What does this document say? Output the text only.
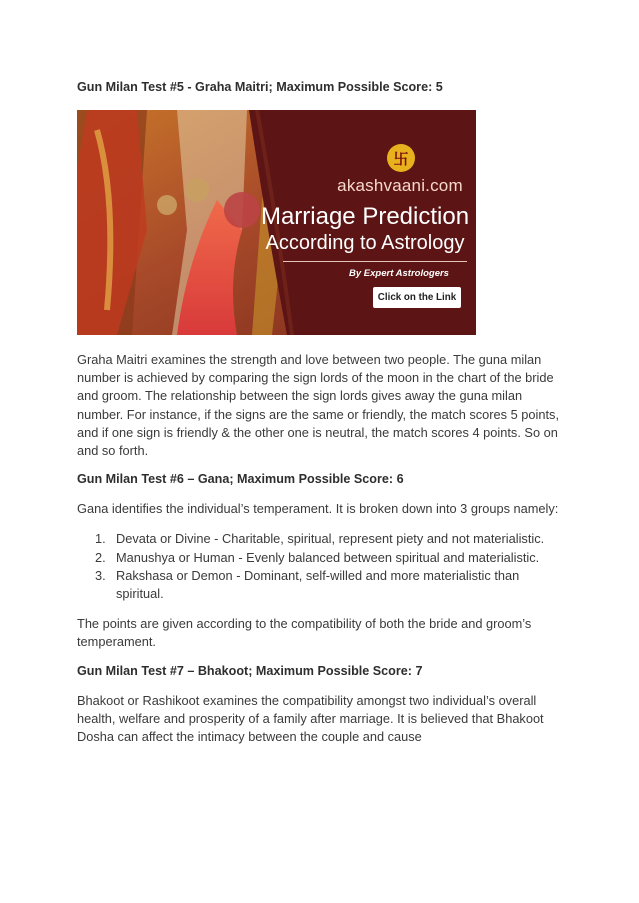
Gun Milan Test #5 - Graha Maitri; Maximum Possible Score: 5
卐
akashvaani.com
Marriage Prediction
According to Astrology
By Expert Astrologers
Click on the Link

Graha Maitri examines the strength and love between two people. The guna milan number is achieved by comparing the sign lords of the moon in the chart of the bride and groom. The relationship between the sign lords gives away the guna milan number. For instance, if the signs are the same or friendly, the match scores 5 points, and if one sign is friendly & the other one is neutral, the match scores 4 points. So on and so forth.

Gun Milan Test #6 – Gana; Maximum Possible Score: 6

Gana identifies the individual’s temperament. It is broken down into 3 groups namely:

1. Devata or Divine - Charitable, spiritual, represent piety and not materialistic.
2. Manushya or Human - Evenly balanced between spiritual and materialistic.
3. Rakshasa or Demon - Dominant, self-willed and more materialistic than spiritual.

The points are given according to the compatibility of both the bride and groom’s temperament.

Gun Milan Test #7 – Bhakoot; Maximum Possible Score: 7

Bhakoot or Rashikoot examines the compatibility amongst two individual’s overall health, welfare and prosperity of a family after marriage. It is believed that Bhakoot Dosha can affect the intimacy between the couple and cause
